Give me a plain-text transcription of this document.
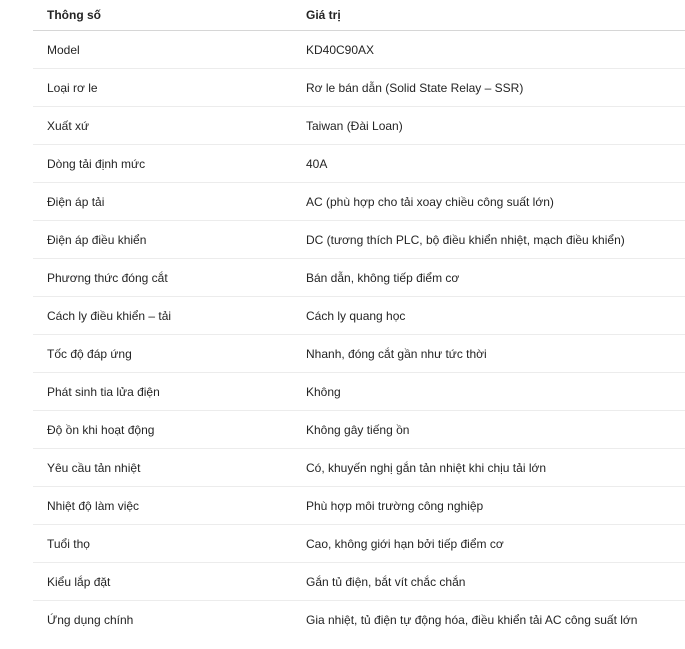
Thông số	Giá trị
Model	KD40C90AX
Loại rơ le	Rơ le bán dẫn (Solid State Relay – SSR)
Xuất xứ	Taiwan (Đài Loan)
Dòng tải định mức	40A
Điện áp tải	AC (phù hợp cho tải xoay chiều công suất lớn)
Điện áp điều khiển	DC (tương thích PLC, bộ điều khiển nhiệt, mạch điều khiển)
Phương thức đóng cắt	Bán dẫn, không tiếp điểm cơ
Cách ly điều khiển – tải	Cách ly quang học
Tốc độ đáp ứng	Nhanh, đóng cắt gần như tức thời
Phát sinh tia lửa điện	Không
Độ ồn khi hoạt động	Không gây tiếng ồn
Yêu cầu tản nhiệt	Có, khuyến nghị gắn tản nhiệt khi chịu tải lớn
Nhiệt độ làm việc	Phù hợp môi trường công nghiệp
Tuổi thọ	Cao, không giới hạn bởi tiếp điểm cơ
Kiểu lắp đặt	Gắn tủ điện, bắt vít chắc chắn
Ứng dụng chính	Gia nhiệt, tủ điện tự động hóa, điều khiển tải AC công suất lớn
